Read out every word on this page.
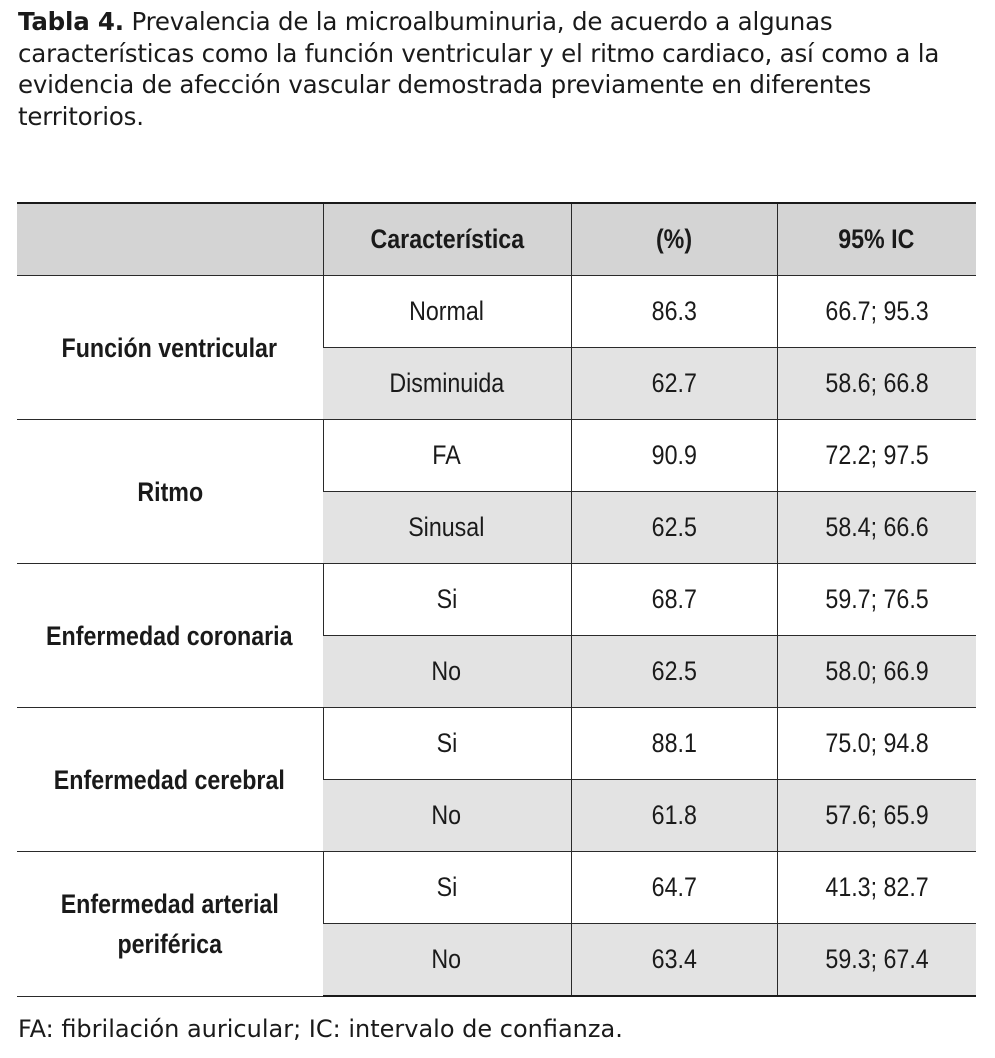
Tabla 4. Prevalencia de la microalbuminuria, de acuerdo a algunas características como la función ventricular y el ritmo cardiaco, así como a la evidencia de afección vascular demostrada previamente en diferentes territorios.
	Característica	(%)	95% IC
Función ventricular	Normal	86.3	66.7; 95.3
	Disminuida	62.7	58.6; 66.8
Ritmo	FA	90.9	72.2; 97.5
	Sinusal	62.5	58.4; 66.6
Enfermedad coronaria	Si	68.7	59.7; 76.5
	No	62.5	58.0; 66.9
Enfermedad cerebral	Si	88.1	75.0; 94.8
	No	61.8	57.6; 65.9
Enfermedad arterial periférica	Si	64.7	41.3; 82.7
	No	63.4	59.3; 67.4
FA: fibrilación auricular; IC: intervalo de confianza.
